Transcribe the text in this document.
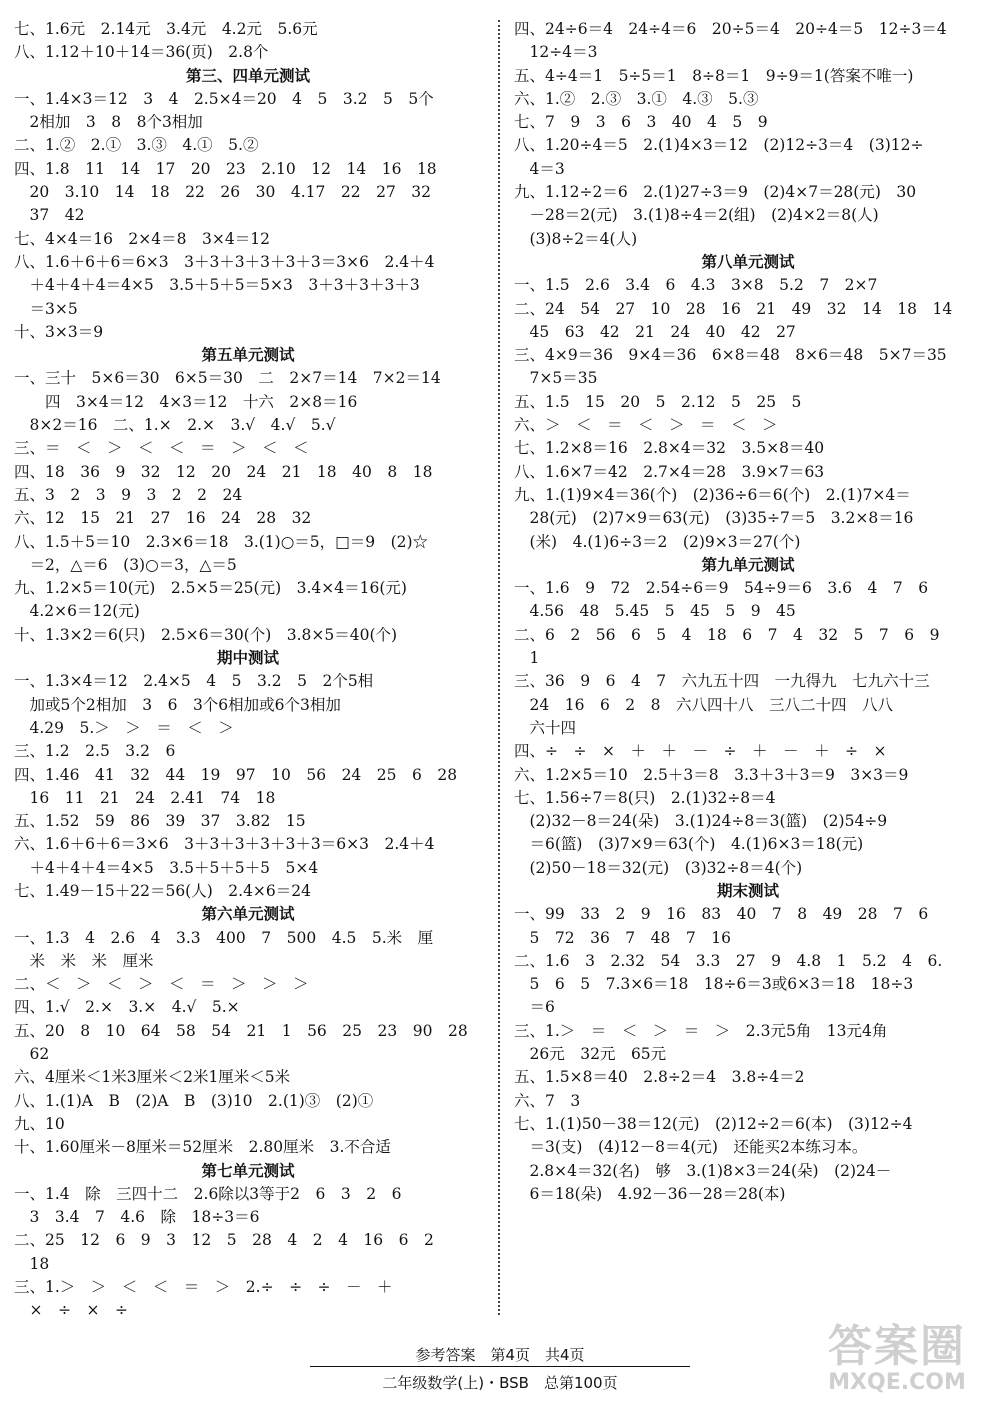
七、1.6元　2.14元　3.4元　4.2元　5.6元
八、1.12＋10＋14＝36(页)　2.8个
第三、四单元测试
一、1.4×3＝12　3　4　2.5×4＝20　4　5　3.2　5　5个
　2相加　3　8　8个3相加
二、1.②　2.①　3.③　4.①　5.②
四、1.8　11　14　17　20　23　2.10　12　14　16　18
　20　3.10　14　18　22　26　30　4.17　22　27　32
　37　42
七、4×4＝16　2×4＝8　3×4＝12
八、1.6＋6＋6＝6×3　3＋3＋3＋3＋3＋3＝3×6　2.4＋4
　＋4＋4＋4＝4×5　3.5＋5＋5＝5×3　3＋3＋3＋3＋3
　＝3×5
十、3×3＝9
第五单元测试
一、三十　5×6＝30　6×5＝30　二　2×7＝14　7×2＝14
　　四　3×4＝12　4×3＝12　十六　2×8＝16
　8×2＝16　二、1.×　2.×　3.√　4.√　5.√
三、＝　＜　＞　＜　＜　＝　＞　＜　＜
四、18　36　9　32　12　20　24　21　18　40　8　18
五、3　2　3　9　3　2　2　24
六、12　15　21　27　16　24　28　32
八、1.5＋5＝10　2.3×6＝18　3.(1)○＝5，□＝9　(2)☆
　＝2，△＝6　(3)○＝3，△＝5
九、1.2×5＝10(元)　2.5×5＝25(元)　3.4×4＝16(元)
　4.2×6＝12(元)
十、1.3×2＝6(只)　2.5×6＝30(个)　3.8×5＝40(个)
期中测试
一、1.3×4＝12　2.4×5　4　5　3.2　5　2个5相
　加或5个2相加　3　6　3个6相加或6个3相加
　4.29　5.＞　＞　＝　＜　＞
三、1.2　2.5　3.2　6
四、1.46　41　32　44　19　97　10　56　24　25　6　28
　16　11　21　24　2.41　74　18
五、1.52　59　86　39　37　3.82　15
六、1.6＋6＋6＝3×6　3＋3＋3＋3＋3＋3＝6×3　2.4＋4
　＋4＋4＋4＝4×5　3.5＋5＋5＋5　5×4
七、1.49－15＋22＝56(人)　2.4×6＝24
第六单元测试
一、1.3　4　2.6　4　3.3　400　7　500　4.5　5.米　厘
　米　米　米　厘米
二、＜　＞　＜　＞　＜　＝　＞　＞　＞
四、1.√　2.×　3.×　4.√　5.×
五、20　8　10　64　58　54　21　1　56　25　23　90　28
　62
六、4厘米＜1米3厘米＜2米1厘米＜5米
八、1.(1)A　B　(2)A　B　(3)10　2.(1)③　(2)①
九、10
十、1.60厘米－8厘米＝52厘米　2.80厘米　3.不合适
第七单元测试
一、1.4　除　三四十二　2.6除以3等于2　6　3　2　6
　3　3.4　7　4.6　除　18÷3＝6
二、25　12　6　9　3　12　5　28　4　2　4　16　6　2
　18
三、1.＞　＞　＜　＜　＝　＞　2.÷　÷　÷　－　＋
　×　÷　×　÷
四、24÷6＝4　24÷4＝6　20÷5＝4　20÷4＝5　12÷3＝4
　12÷4＝3
五、4÷4＝1　5÷5＝1　8÷8＝1　9÷9＝1(答案不唯一)
六、1.②　2.③　3.①　4.③　5.③
七、7　9　3　6　3　40　4　5　9
八、1.20÷4＝5　2.(1)4×3＝12　(2)12÷3＝4　(3)12÷
　4＝3
九、1.12÷2＝6　2.(1)27÷3＝9　(2)4×7＝28(元)　30
　－28＝2(元)　3.(1)8÷4＝2(组)　(2)4×2＝8(人)
　(3)8÷2＝4(人)
第八单元测试
一、1.5　2.6　3.4　6　4.3　3×8　5.2　7　2×7
二、24　54　27　10　28　16　21　49　32　14　18　14
　45　63　42　21　24　40　42　27
三、4×9＝36　9×4＝36　6×8＝48　8×6＝48　5×7＝35
　7×5＝35
五、1.5　15　20　5　2.12　5　25　5
六、＞　＜　＝　＜　＞　＝　＜　＞
七、1.2×8＝16　2.8×4＝32　3.5×8＝40
八、1.6×7＝42　2.7×4＝28　3.9×7＝63
九、1.(1)9×4＝36(个)　(2)36÷6＝6(个)　2.(1)7×4＝
　28(元)　(2)7×9＝63(元)　(3)35÷7＝5　3.2×8＝16
　(米)　4.(1)6÷3＝2　(2)9×3＝27(个)
第九单元测试
一、1.6　9　72　2.54÷6＝9　54÷9＝6　3.6　4　7　6
　4.56　48　5.45　5　45　5　9　45
二、6　2　56　6　5　4　18　6　7　4　32　5　7　6　9
　1
三、36　9　6　4　7　六九五十四　一九得九　七九六十三
　24　16　6　2　8　六八四十八　三八二十四　八八
　六十四
四、÷　÷　×　＋　＋　－　÷　＋　－　＋　÷　×
六、1.2×5＝10　2.5＋3＝8　3.3＋3＋3＝9　3×3＝9
七、1.56÷7＝8(只)　2.(1)32÷8＝4
　(2)32－8＝24(朵)　3.(1)24÷8＝3(篮)　(2)54÷9
　＝6(篮)　(3)7×9＝63(个)　4.(1)6×3＝18(元)
　(2)50－18＝32(元)　(3)32÷8＝4(个)
期末测试
一、99　33　2　9　16　83　40　7　8　49　28　7　6
　5　72　36　7　48　7　16
二、1.6　3　2.32　54　3.3　27　9　4.8　1　5.2　4　6.
　5　6　5　7.3×6＝18　18÷6＝3或6×3＝18　18÷3
　＝6
三、1.＞　＝　＜　＞　＝　＞　2.3元5角　13元4角
　26元　32元　65元
五、1.5×8＝40　2.8÷2＝4　3.8÷4＝2
六、7　3
七、1.(1)50－38＝12(元)　(2)12÷2＝6(本)　(3)12÷4
　＝3(支)　(4)12－8＝4(元)　还能买2本练习本。
　2.8×4＝32(名)　够　3.(1)8×3＝24(朵)　(2)24－
　6＝18(朵)　4.92－36－28＝28(本)
参考答案　第4页　共4页
二年级数学(上)・BSB　总第100页
答案圈
MXQE.COM
